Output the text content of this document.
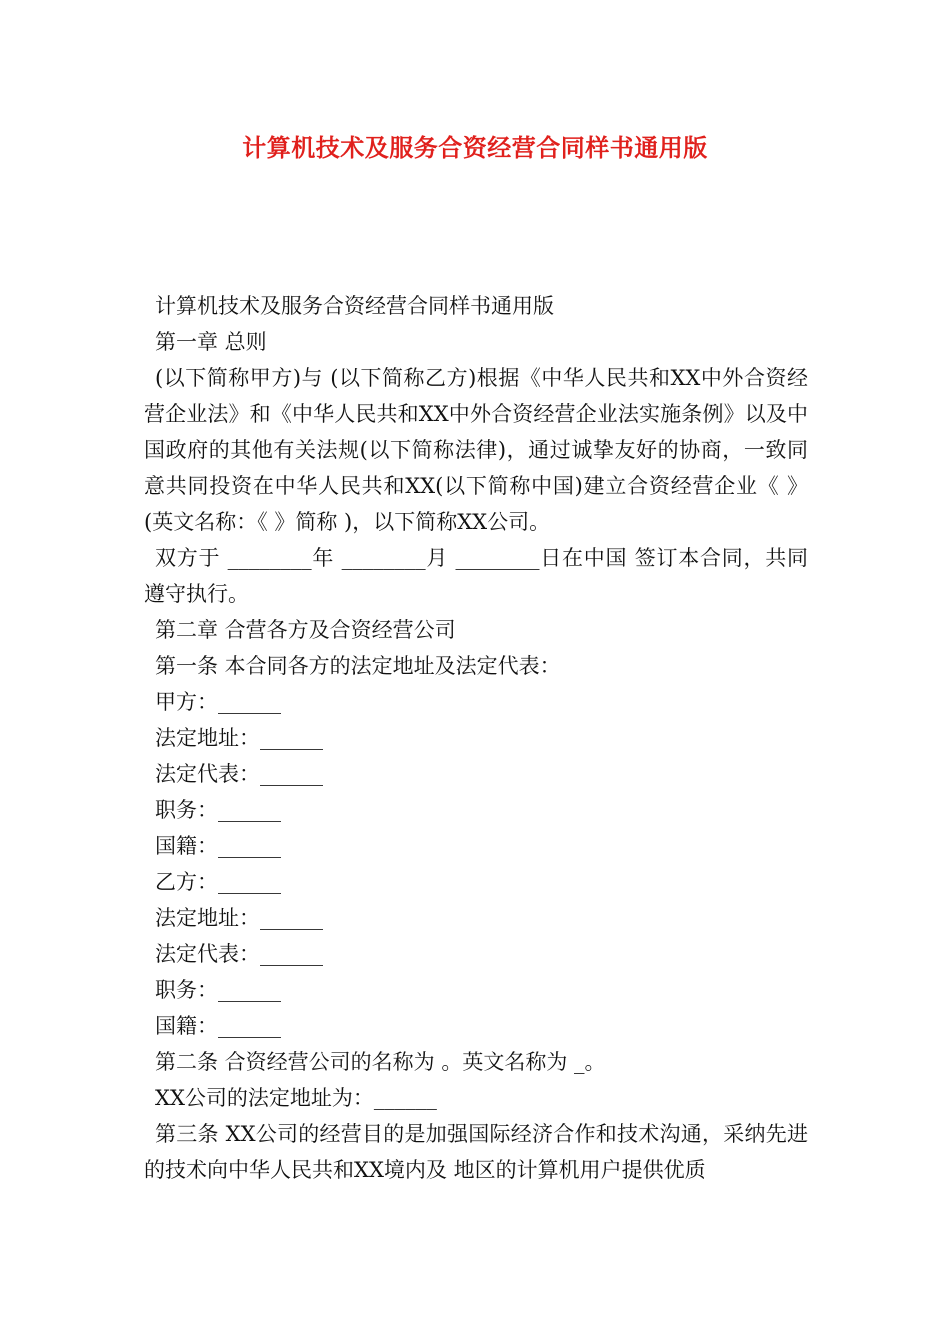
计算机技术及服务合资经营合同样书通用版

计算机技术及服务合资经营合同样书通用版

第一章 总则

(以下简称甲方)与 (以下简称乙方)根据《中华人民共和XX中外合资经营企业法》和《中华人民共和XX中外合资经营企业法实施条例》以及中国政府的其他有关法规(以下简称法律)，通过诚挚友好的协商，一致同意共同投资在中华人民共和XX(以下简称中国)建立合资经营企业《 》(英文名称：《 》简称 )，以下简称XX公司。

双方于 ________年 ________月 ________日在中国 签订本合同，共同遵守执行。

第二章 合营各方及合资经营公司

第一条 本合同各方的法定地址及法定代表：

甲方：______

法定地址：______

法定代表：______

职务：______

国籍：______

乙方：______

法定地址：______

法定代表：______

职务：______

国籍：______

第二条 合资经营公司的名称为 。英文名称为 _。

XX公司的法定地址为：______

第三条 XX公司的经营目的是加强国际经济合作和技术沟通，采纳先进的技术向中华人民共和XX境内及 地区的计算机用户提供优质
